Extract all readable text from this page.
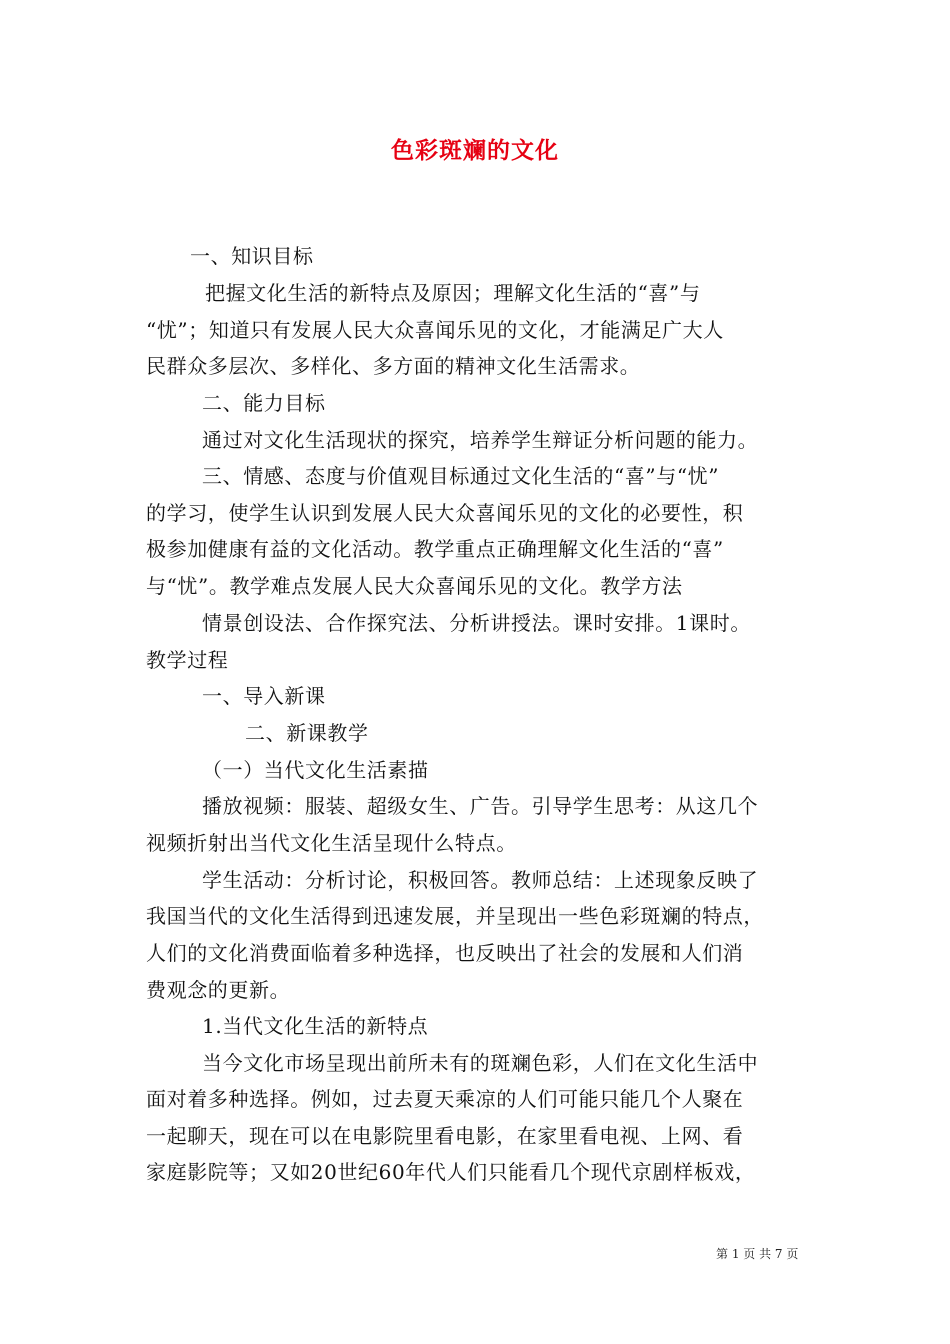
色彩斑斓的文化
一、知识目标
把握文化生活的新特点及原因；理解文化生活的“喜”与
“忧”；知道只有发展人民大众喜闻乐见的文化，才能满足广大人
民群众多层次、多样化、多方面的精神文化生活需求。
二、能力目标
通过对文化生活现状的探究，培养学生辩证分析问题的能力。
三、情感、态度与价值观目标通过文化生活的“喜”与“忧”
的学习，使学生认识到发展人民大众喜闻乐见的文化的必要性，积
极参加健康有益的文化活动。教学重点正确理解文化生活的“喜”
与“忧”。教学难点发展人民大众喜闻乐见的文化。教学方法
情景创设法、合作探究法、分析讲授法。课时安排。1课时。
教学过程
一、导入新课
二、新课教学
（一）当代文化生活素描
播放视频：服装、超级女生、广告。引导学生思考：从这几个
视频折射出当代文化生活呈现什么特点。
学生活动：分析讨论，积极回答。教师总结：上述现象反映了
我国当代的文化生活得到迅速发展，并呈现出一些色彩斑斓的特点，
人们的文化消费面临着多种选择，也反映出了社会的发展和人们消
费观念的更新。
1.当代文化生活的新特点
当今文化市场呈现出前所未有的斑斓色彩，人们在文化生活中
面对着多种选择。例如，过去夏天乘凉的人们可能只能几个人聚在
一起聊天，现在可以在电影院里看电影，在家里看电视、上网、看
家庭影院等；又如20世纪60年代人们只能看几个现代京剧样板戏，
第 1 页 共 7 页
